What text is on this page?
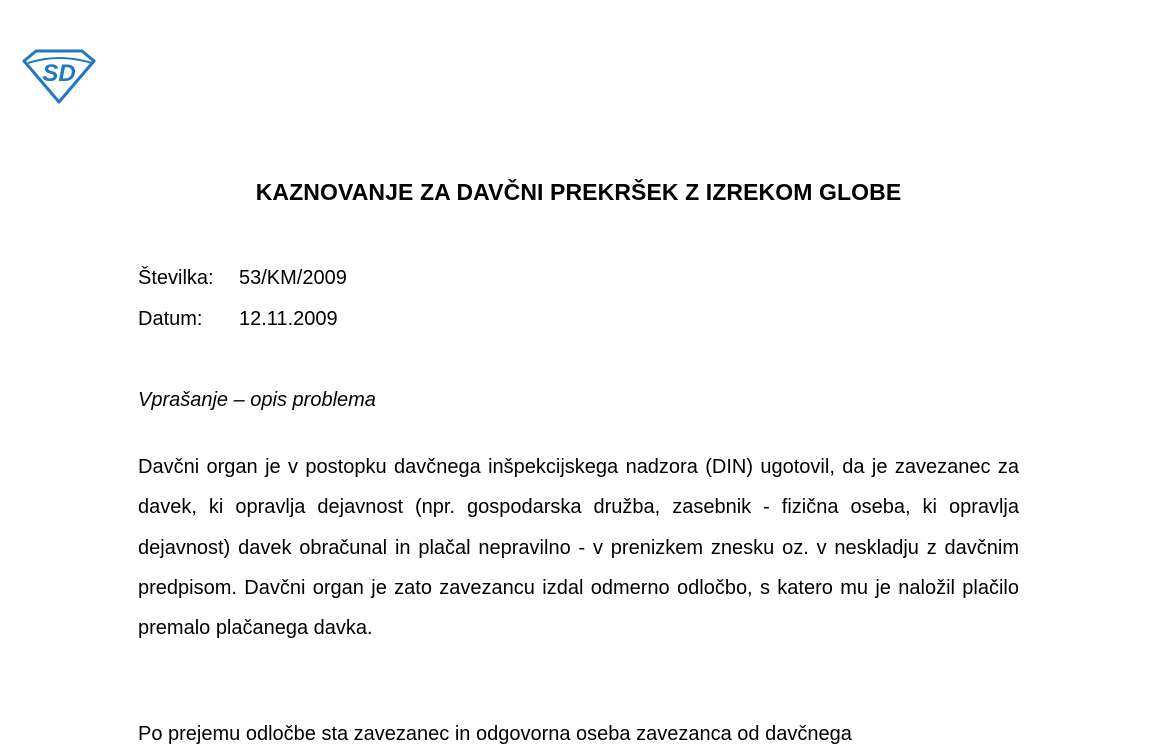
SD
KAZNOVANJE ZA DAVČNI PREKRŠEK Z IZREKOM GLOBE
Številka: 53/KM/2009
Datum: 12.11.2009
Vprašanje – opis problema

Davčni organ je v postopku davčnega inšpekcijskega nadzora (DIN) ugotovil, da je zavezanec za davek, ki opravlja dejavnost (npr. gospodarska družba, zasebnik - fizična oseba, ki opravlja dejavnost) davek obračunal in plačal nepravilno - v prenizkem znesku oz. v neskladju z davčnim predpisom. Davčni organ je zato zavezancu izdal odmerno odločbo, s katero mu je naložil plačilo premalo plačanega davka.

Po prejemu odločbe sta zavezanec in odgovorna oseba zavezanca od davčnega
